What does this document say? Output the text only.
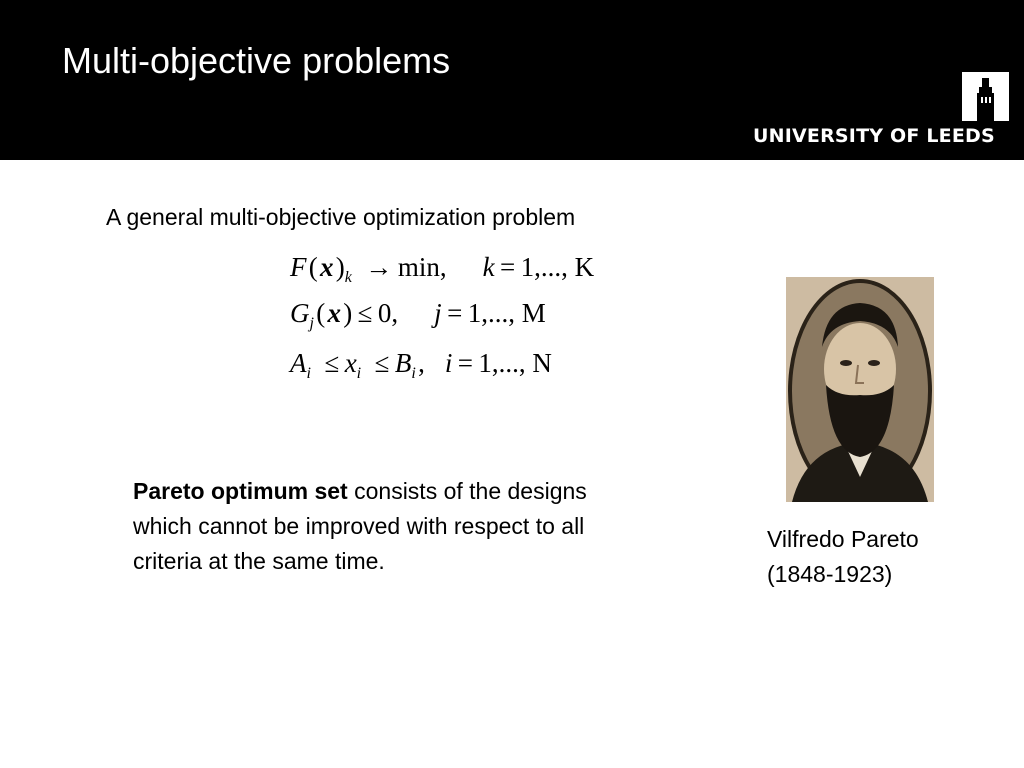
Multi-objective problems
UNIVERSITY OF LEEDS
A general multi-objective optimization problem
F ( x )$_k$  →  min, k  =  1,..., K
$G_j$ ( x )  ≤  0, j  =  1,..., M
$A_i$  ≤  $x_i$  ≤  $B_i$ , i  =  1,..., N
Pareto optimum set consists of the designs which cannot be improved with respect to all criteria at the same time.
Vilfredo Pareto
(1848-1923)
